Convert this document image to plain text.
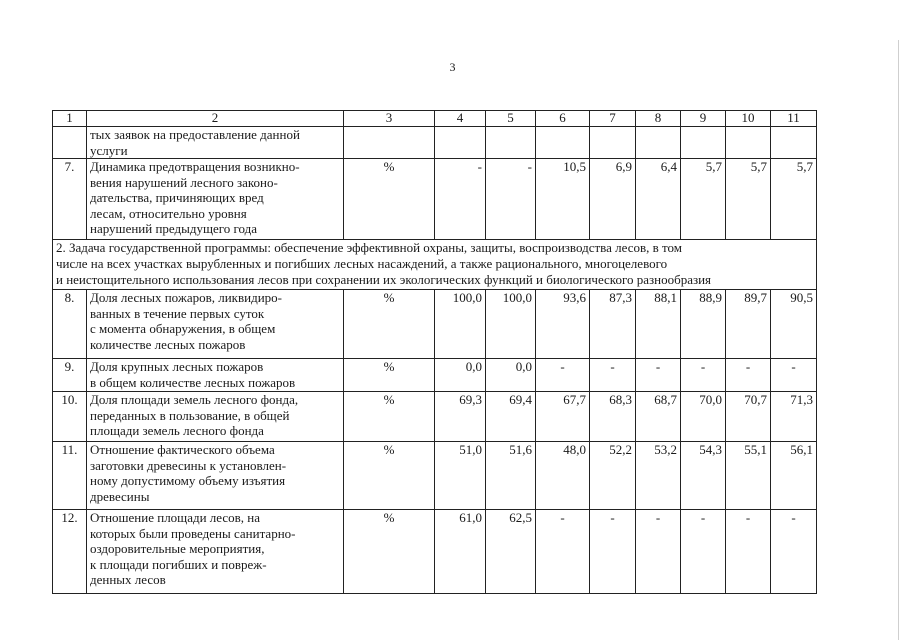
3
1	2	3	4	5	6	7	8	9	10	11

	тых заявок на предоставление данной
услуги									

7.	Динамика предотвращения возникно-
вения нарушений лесного законо-
дательства, причиняющих вред
лесам, относительно уровня
нарушений предыдущего года	%	-	-	10,5	6,9	6,4	5,7	5,7	5,7

2. Задача государственной программы: обеспечение эффективной охраны, защиты, воспроизводства лесов, в том
числе на всех участках вырубленных и погибших лесных насаждений, а также рационального, многоцелевого
и неистощительного использования лесов при сохранении их экологических функций и биологического разнообразия										

8.	Доля лесных пожаров, ликвидиро-
ванных в течение первых суток
с момента обнаружения, в общем
количестве лесных пожаров	%	100,0	100,0	93,6	87,3	88,1	88,9	89,7	90,5
9.	Доля крупных лесных пожаров
в общем количестве лесных пожаров	%	0,0	0,0	-	-	-	-	-	-
10.	Доля площади земель лесного фонда,
переданных в пользование, в общей
площади земель лесного фонда	%	69,3	69,4	67,7	68,3	68,7	70,0	70,7	71,3
11.	Отношение фактического объема
заготовки древесины к установлен-
ному допустимому объему изъятия
древесины	%	51,0	51,6	48,0	52,2	53,2	54,3	55,1	56,1
12.	Отношение площади лесов, на
которых были проведены санитарно-
оздоровительные мероприятия,
к площади погибших и повреж-
денных лесов	%	61,0	62,5	-	-	-	-	-	-
